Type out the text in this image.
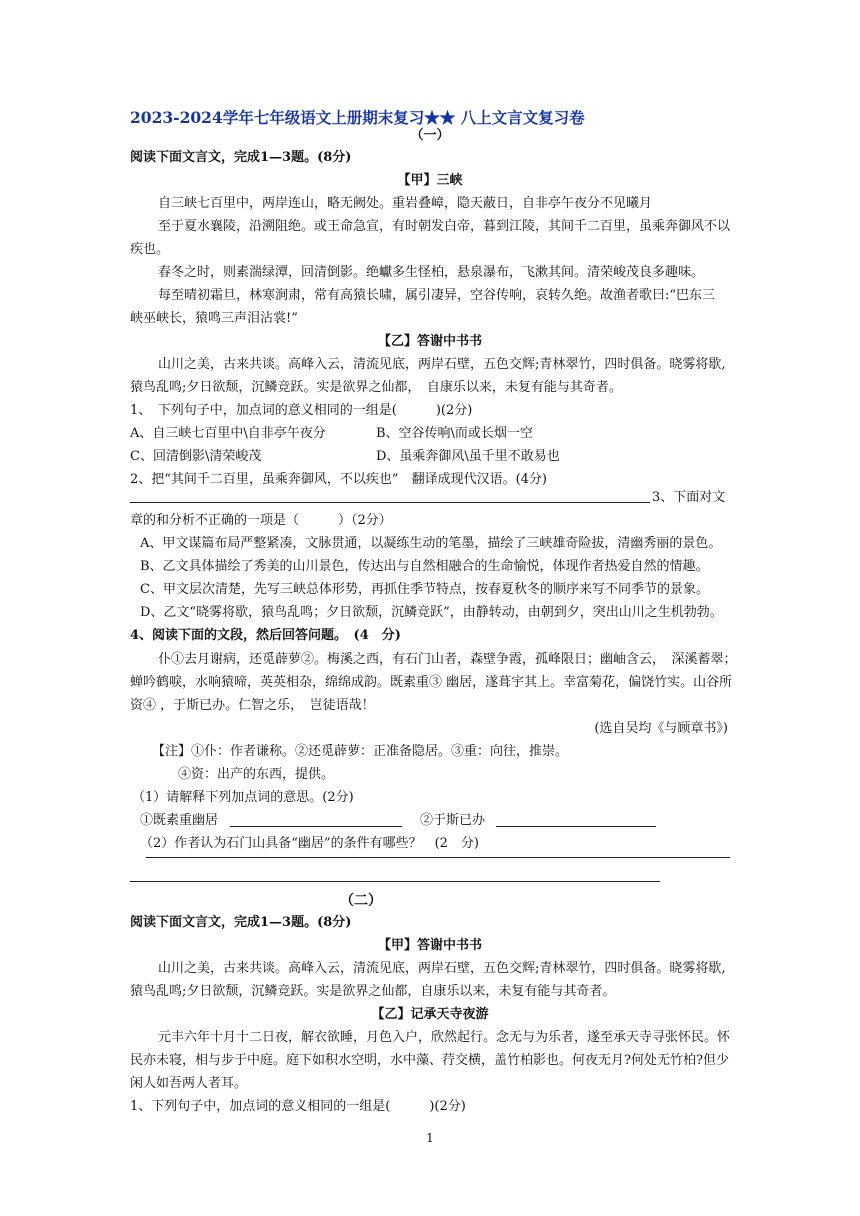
2023-2024学年七年级语文上册期末复习★★ 八上文言文复习卷
（一）
阅读下面文言文，完成1—3题。(8分)
【甲】三峡
自三峡七百里中，两岸连山，略无阙处。重岩叠嶂，隐天蔽日，自非亭午夜分不见曦月
至于夏水襄陵，沿溯阻绝。或王命急宣，有时朝发白帝，暮到江陵，其间千二百里，虽乘奔御风不以
疾也。
春冬之时，则素湍绿潭，回清倒影。绝巘多生怪柏，悬泉瀑布，飞漱其间。清荣峻茂良多趣味。
每至晴初霜旦，林寒涧肃，常有高猿长啸，属引凄异，空谷传响，哀转久绝。故渔者歌曰:“巴东三
峡巫峡长，猿鸣三声泪沾裳!”
【乙】答谢中书书
山川之美，古来共谈。高峰入云，清流见底，两岸石壁，五色交辉;青林翠竹，四时俱备。晓雾将歇,
猿鸟乱鸣;夕日欲颓，沉鳞竞跃。实是欲界之仙都，　自康乐以来，未复有能与其奇者。
1、　下列句子中，加点词的意义相同的一组是(　　　)(2分)
A、自三峡七百里中\自非亭午夜分	B、空谷传响\而或长烟一空
C、回清倒影\清荣峻茂	D、虽乘奔御风\虽千里不敢易也
2、把“其间千二百里，虽乘奔御风，不以疾也”　翻译成现代汉语。(4分)
3、下面对文
章的和分析不正确的一项是（　　　）（2分）
A、甲文谋篇布局严整紧凑，文脉贯通，以凝练生动的笔墨，描绘了三峡雄奇险拔，清幽秀丽的景色。
B、乙文具体描绘了秀美的山川景色，传达出与自然相融合的生命愉悦，体现作者热爱自然的情趣。
C、甲文层次清楚，先写三峡总体形势，再抓住季节特点，按春夏秋冬的顺序来写不同季节的景象。
D、乙文“晓雾将歇，猿鸟乱鸣；夕日欲颓，沉鳞竞跃”，由静转动，由朝到夕，突出山川之生机勃勃。
4、阅读下面的文段，然后回答问题。　(4　分)
仆①去月谢病，还觅薜萝②。梅溪之西，有石门山者，森壁争霞，孤峰限日；幽岫含云，　深溪蓄翠；
蝉吟鹤唳，水响猿啼，英英相杂，绵绵成韵。既素重③ 幽居，遂葺宇其上。幸富菊花，偏饶竹实。山谷所
资④ ，于斯已办。仁智之乐，　岂徒语哉！
(选自吴均《与顾章书》)
【注】①仆：作者谦称。②还觅薜萝：正准备隐居。③重：向往，推崇。
④资：出产的东西，提供。
（1）请解释下列加点词的意思。(2分)
①既素重幽居	②于斯已办
（2）作者认为石门山具备“幽居”的条件有哪些？　(2　分)
（二）
阅读下面文言文，完成1—3题。(8分)
【甲】答谢中书书
山川之美，古来共谈。高峰入云，清流见底，两岸石壁，五色交辉;青林翠竹，四时俱备。晓雾将歇,
猿鸟乱鸣;夕日欲颓，沉鳞竞跃。实是欲界之仙都，自康乐以来，未复有能与其奇者。
【乙】记承天寺夜游
元丰六年十月十二日夜，解衣欲睡，月色入户，欣然起行。念无与为乐者，遂至承天寺寻张怀民。怀
民亦未寝，相与步于中庭。庭下如积水空明，水中藻、荇交横，盖竹柏影也。何夜无月?何处无竹柏?但少
闲人如吾两人者耳。
1、下列句子中，加点词的意义相同的一组是(　　　)(2分)
1
